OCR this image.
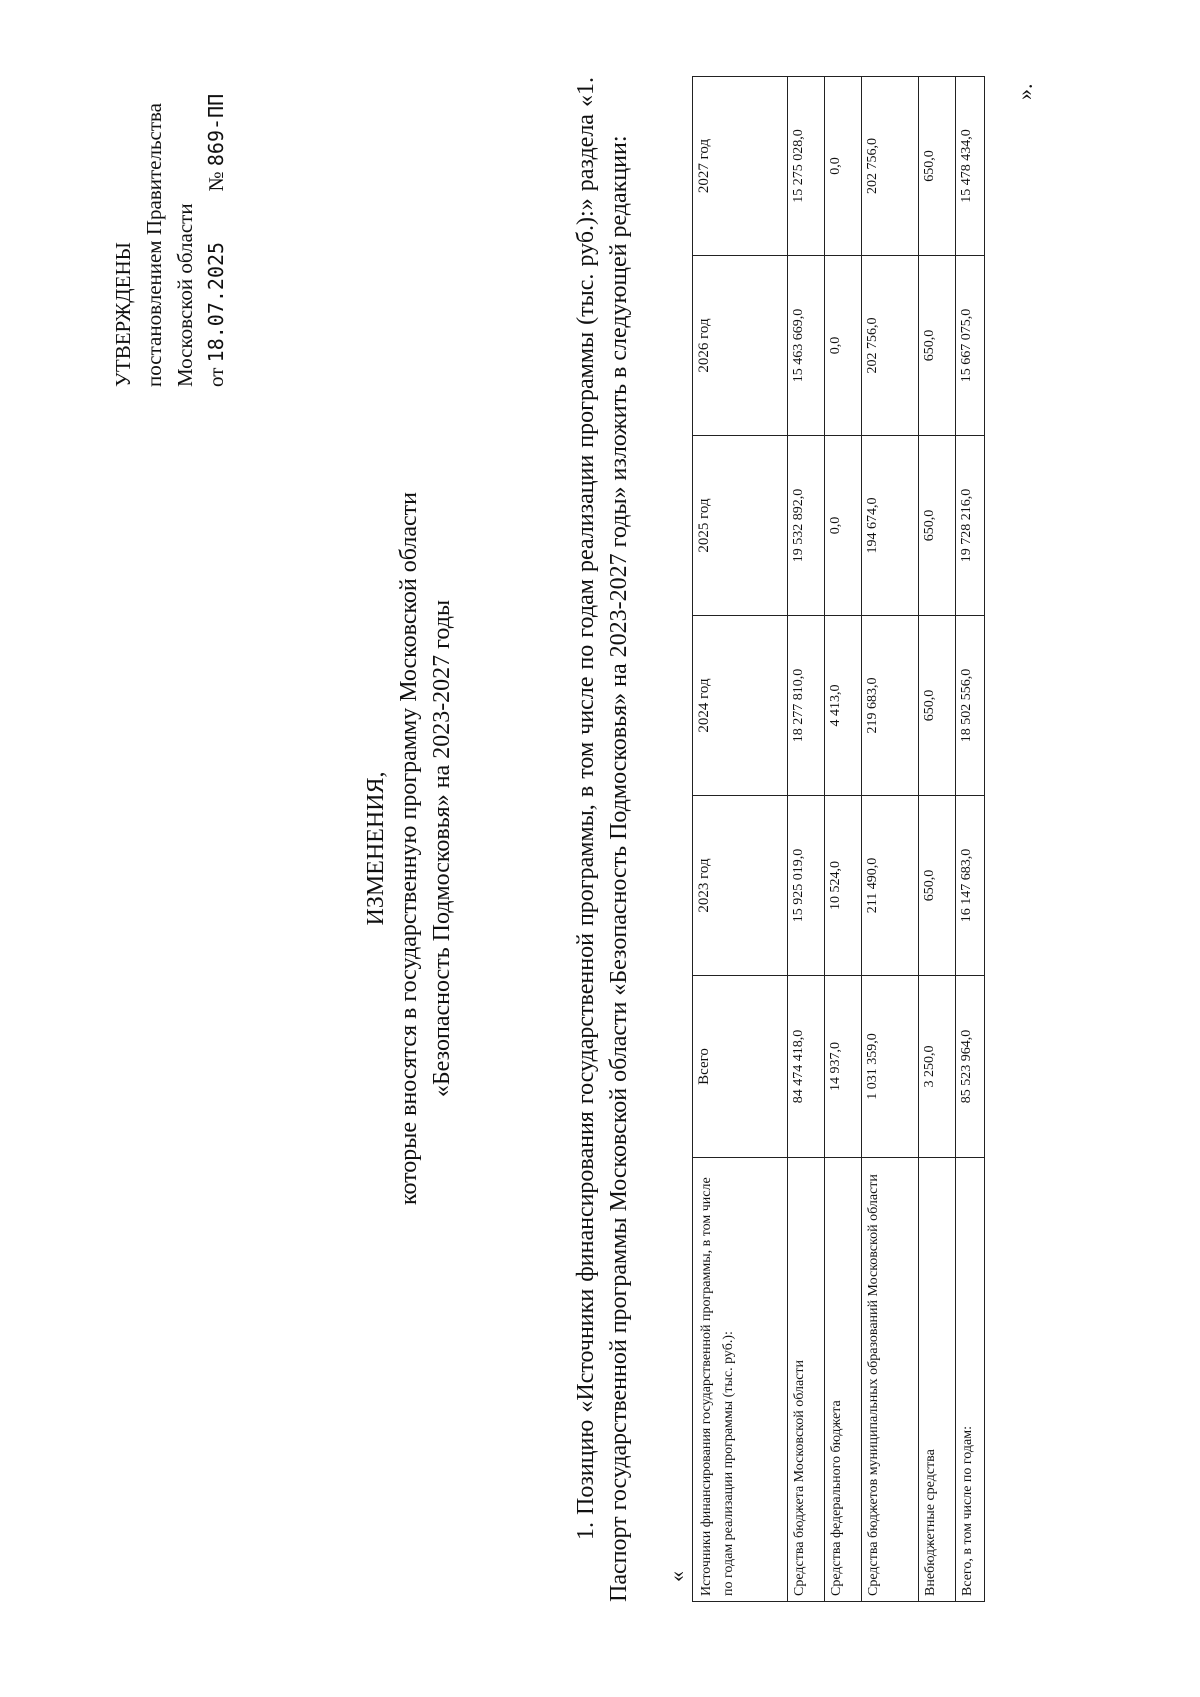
УТВЕРЖДЕНЫ постановлением Правительства Московской области от 18.07.2025  № 869-ПП
ИЗМЕНЕНИЯ, которые вносятся в государственную программу Московской области «Безопасность Подмосковья» на 2023-2027 годы	1. Позицию «Источники финансирования государственной программы, в том числе по годам реализации программы (тыс. руб.):» раздела «1. Паспорт государственной программы Московской области «Безопасность Подмосковья» на 2023-2027 годы» изложить в следующей редакции: « Источники финансирования государственной программы, в том числе по годам реализации программы (тыс. руб.):	Всего	2023 год	2024 год	2025 год	2026 год	2027 год
Средства бюджета Московской области	84 474 418,0	15 925 019,0	18 277 810,0	19 532 892,0	15 463 669,0	15 275 028,0
Средства федерального бюджета	14 937,0	10 524,0	4 413,0	0,0	0,0	0,0
Средства бюджетов муниципальных образований Московской области	1 031 359,0	211 490,0	219 683,0	194 674,0	202 756,0	202 756,0
Внебюджетные средства	3 250,0	650,0	650,0	650,0	650,0	650,0
Всего, в том числе по годам:	85 523 964,0	16 147 683,0	18 502 556,0	19 728 216,0	15 667 075,0	15 478 434,0
».
